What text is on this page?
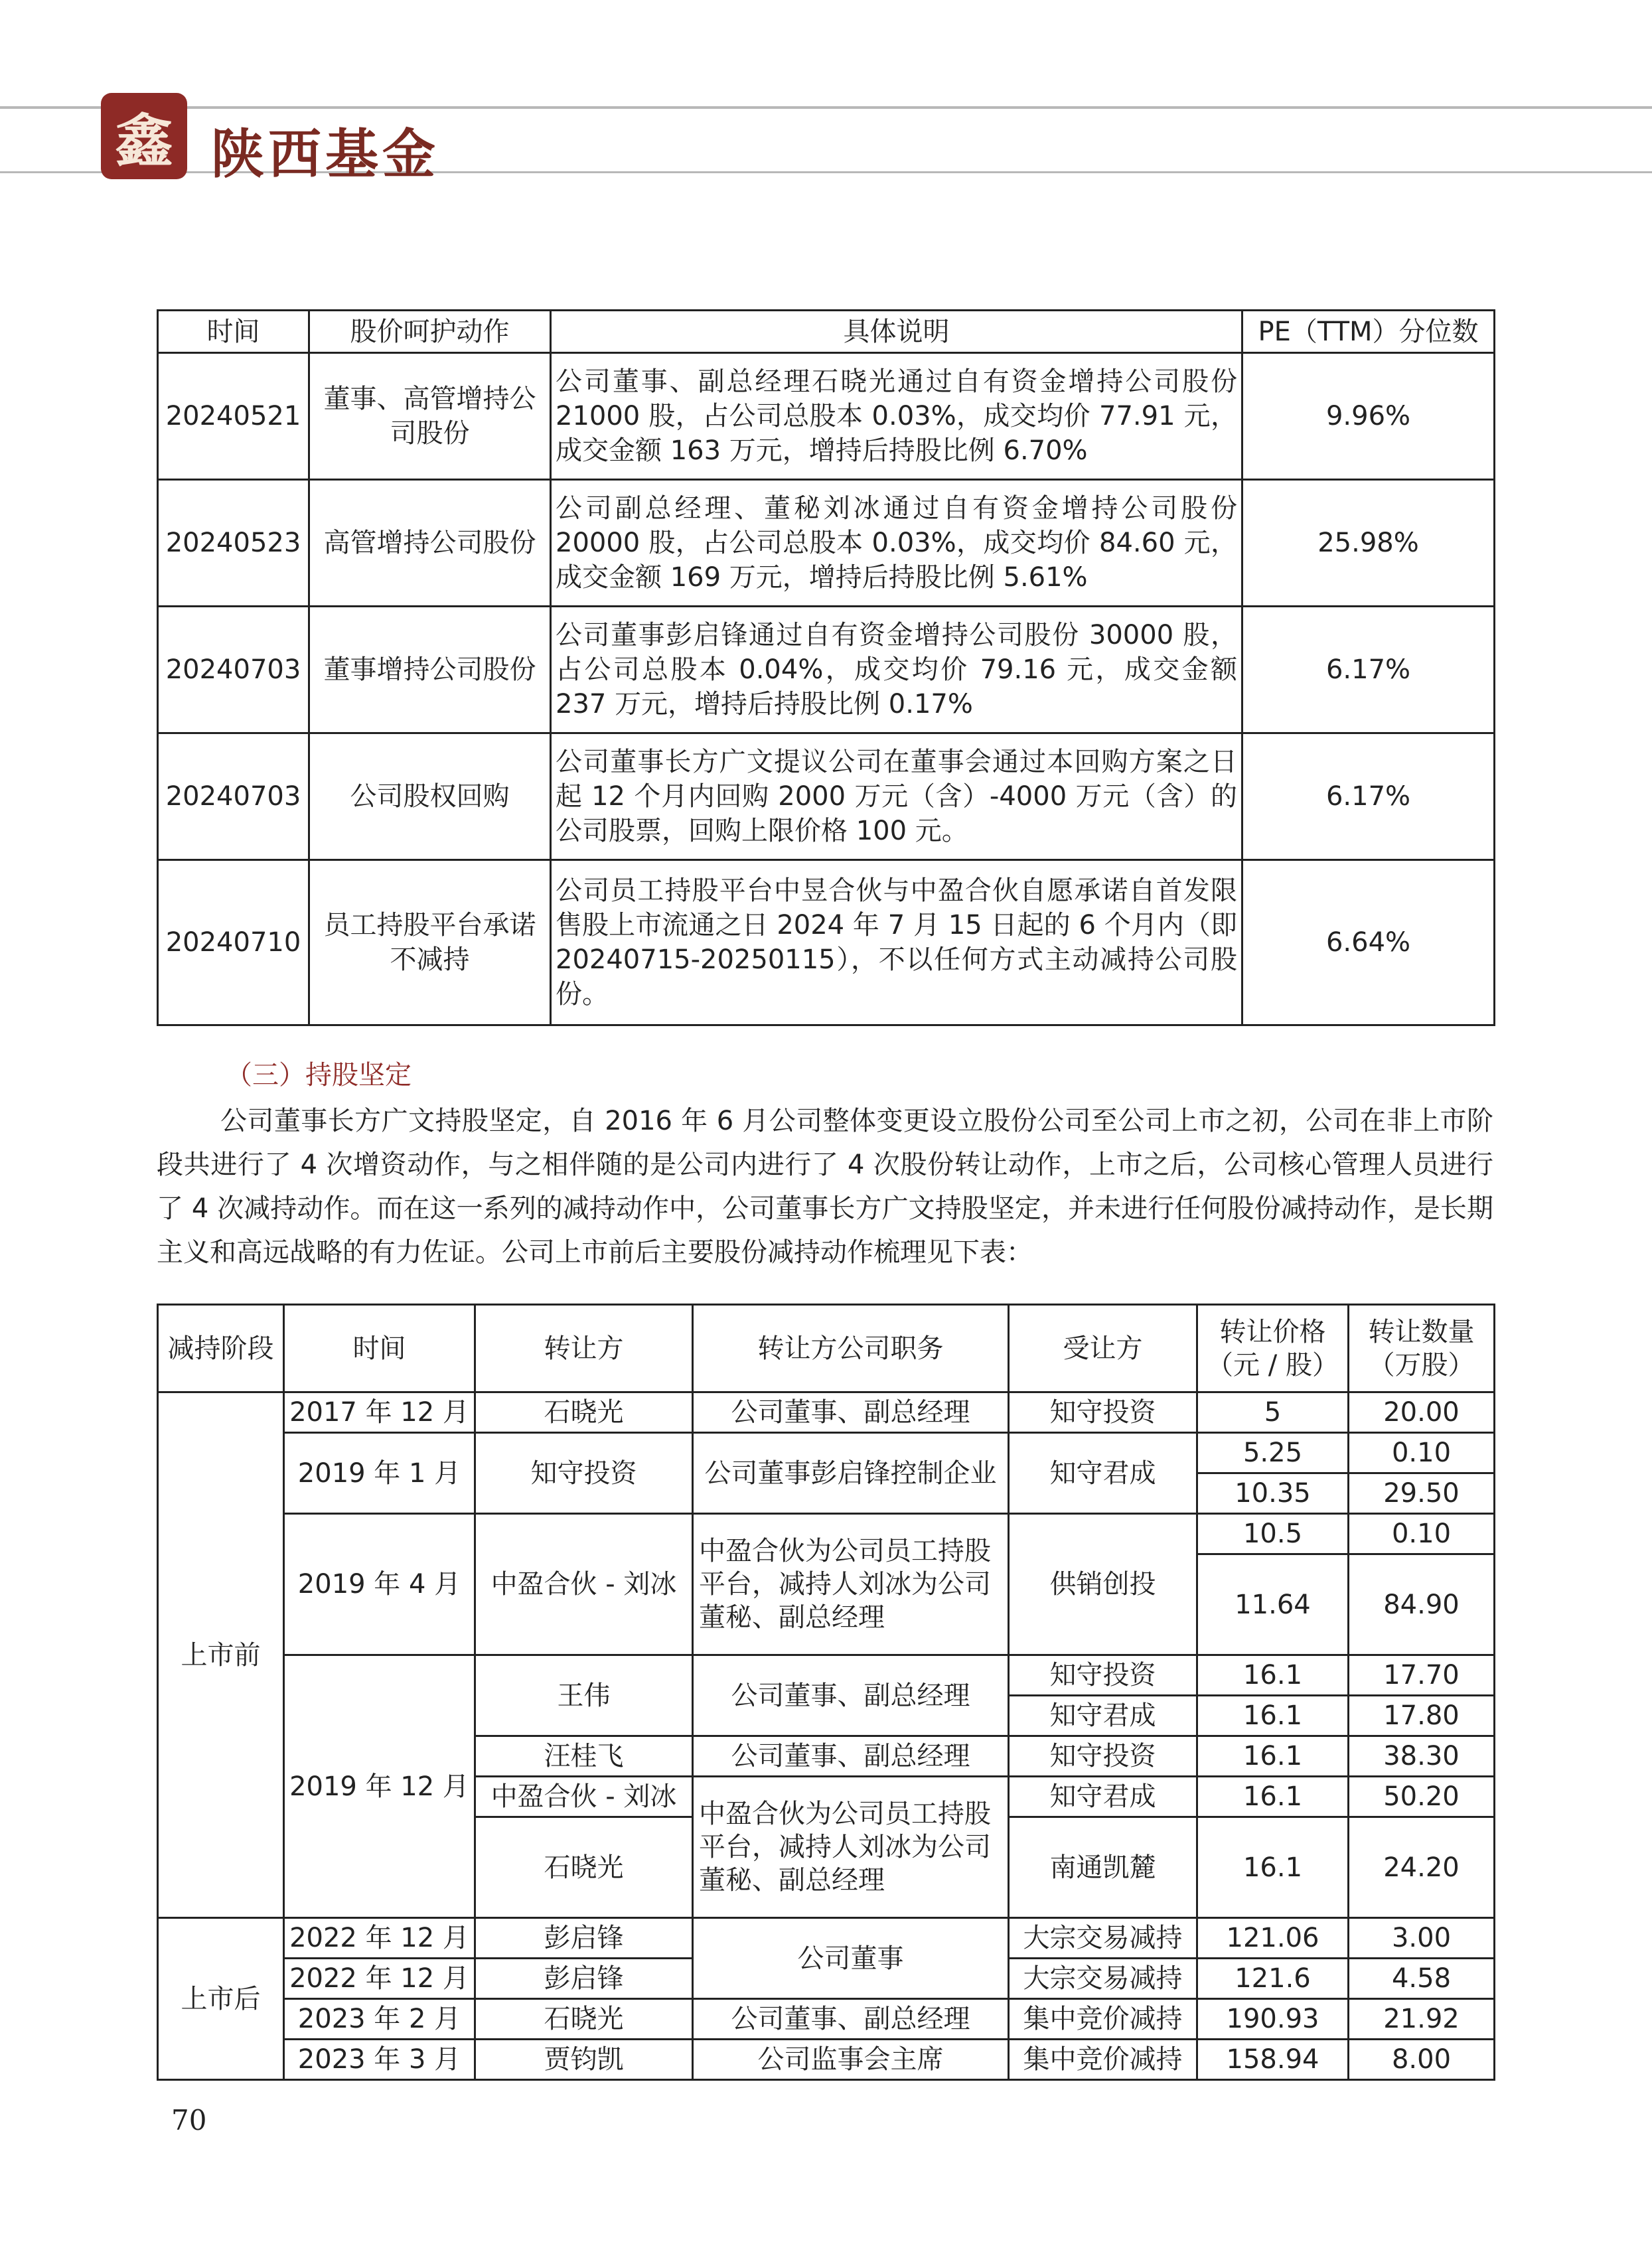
鑫 陕西基金
时间	股价呵护动作	具体说明	PE（TTM）分位数
20240521	董事、高管增持公司股份	公司董事、副总经理石晓光通过自有资金增持公司股份 21000 股，占公司总股本 0.03%，成交均价 77.91 元，成交金额 163 万元，增持后持股比例 6.70%	9.96%
20240523	高管增持公司股份	公司副总经理、董秘刘冰通过自有资金增持公司股份 20000 股，占公司总股本 0.03%，成交均价 84.60 元，成交金额 169 万元，增持后持股比例 5.61%	25.98%
20240703	董事增持公司股份	公司董事彭启锋通过自有资金增持公司股份 30000 股，占公司总股本 0.04%，成交均价 79.16 元，成交金额 237 万元，增持后持股比例 0.17%	6.17%
20240703	公司股权回购	公司董事长方广文提议公司在董事会通过本回购方案之日起 12 个月内回购 2000 万元（含）-4000 万元（含）的公司股票，回购上限价格 100 元。	6.17%
20240710	员工持股平台承诺不减持	公司员工持股平台中昱合伙与中盈合伙自愿承诺自首发限售股上市流通之日 2024 年 7 月 15 日起的 6 个月内（即 20240715-20250115），不以任何方式主动减持公司股份。	6.64%
（三）持股坚定
公司董事长方广文持股坚定，自 2016 年 6 月公司整体变更设立股份公司至公司上市之初，公司在非上市阶段共进行了 4 次增资动作，与之相伴随的是公司内进行了 4 次股份转让动作，上市之后，公司核心管理人员进行了 4 次减持动作。而在这一系列的减持动作中，公司董事长方广文持股坚定，并未进行任何股份减持动作，是长期主义和高远战略的有力佐证。公司上市前后主要股份减持动作梳理见下表：
减持阶段	时间	转让方	转让方公司职务	受让方	转让价格（元 / 股）	转让数量（万股）
上市前	2017 年 12 月	石晓光	公司董事、副总经理	知守投资	5	20.00
	2019 年 1 月	知守投资	公司董事彭启锋控制企业	知守君成	5.25	0.10
					10.35	29.50
	2019 年 4 月	中盈合伙 - 刘冰	中盈合伙为公司员工持股平台，减持人刘冰为公司董秘、副总经理	供销创投	10.5	0.10
					11.64	84.90
	2019 年 12 月	王伟	公司董事、副总经理	知守投资	16.1	17.70
				知守君成	16.1	17.80
		汪桂飞	公司董事、副总经理	知守投资	16.1	38.30
		中盈合伙 - 刘冰	中盈合伙为公司员工持股平台，减持人刘冰为公司董秘、副总经理	知守君成	16.1	50.20
		石晓光		南通凯麓	16.1	24.20
上市后	2022 年 12 月	彭启锋	公司董事	大宗交易减持	121.06	3.00
	2022 年 12 月	彭启锋		大宗交易减持	121.6	4.58
	2023 年 2 月	石晓光	公司董事、副总经理	集中竞价减持	190.93	21.92
	2023 年 3 月	贾钧凯	公司监事会主席	集中竞价减持	158.94	8.00
70
